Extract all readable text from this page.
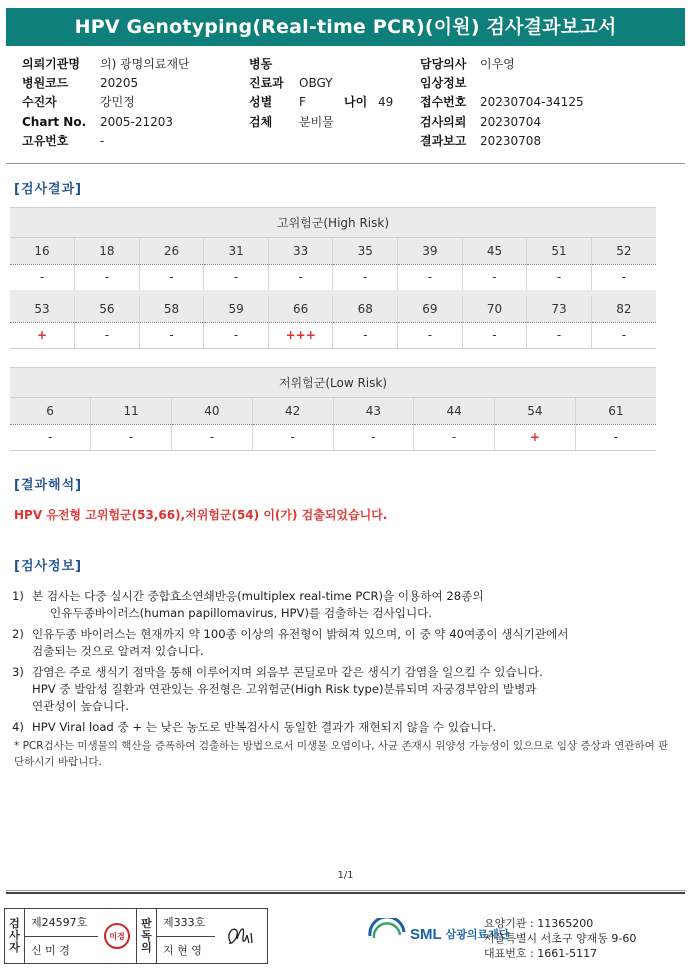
HPV Genotyping(Real-time PCR)(이원) 검사결과보고서
의뢰기관명 의) 광명의료재단
병원코드	20205
수진자	강민정
Chart No. 2005-21203
고유번호	-
병동
진료과 OBGY
성별 F	나이 49
검체 분비물
담당의사 이우영
임상정보
접수번호 20230704-34125
검사의뢰 20230704
결과보고 20230708
[검사결과]
고위험군(High Risk)
16	18	26	31	33	35	39	45	51	52
-	-	-	-	-	-	-	-	-	-
53	56	58	59	66	68	69	70	73	82
+	-	-	-	+++	-	-	-	-	-
저위험군(Low Risk)
6	11	40	42	43	44	54	61
-	-	-	-	-	-	+	-
[결과해석]
HPV 유전형 고위험군(53,66),저위험군(54) 이(가) 검출되었습니다.
[검사정보]
1) 본 검사는 다중 실시간 중합효소연쇄반응(multiplex real-time PCR)을 이용하여 28종의
인유두종바이러스(human papillomavirus, HPV)를 검출하는 검사입니다.
2) 인유두종 바이러스는 현재까지 약 100종 이상의 유전형이 밝혀져 있으며, 이 중 약 40여종이 생식기관에서
검출되는 것으로 알려져 있습니다.
3) 감염은 주로 생식기 점막을 통해 이루어지며 외음부 콘딜로마 같은 생식기 감염을 일으킬 수 있습니다.
HPV 중 발암성 질환과 연관있는 유전형은 고위험군(High Risk type)분류되며 자궁경부암의 발병과
연관성이 높습니다.
4) HPV Viral load 중 + 는 낮은 농도로 반복검사시 동일한 결과가 재현되지 않을 수 있습니다.
* PCR검사는 미생물의 핵산을 증폭하여 검출하는 방법으로서 미생물 오염이나, 사균 존재시 위양성 가능성이 있으므로 임상 증상과 연관하여 판단하시기 바랍니다.
1/1
검
사
자
제24597호
신 미 경
미경
판
독
의
제333호
지 현 영
SML 삼광의료재단
요양기관 : 11365200
서울특별시 서초구 양재동 9-60
대표번호 : 1661-5117
